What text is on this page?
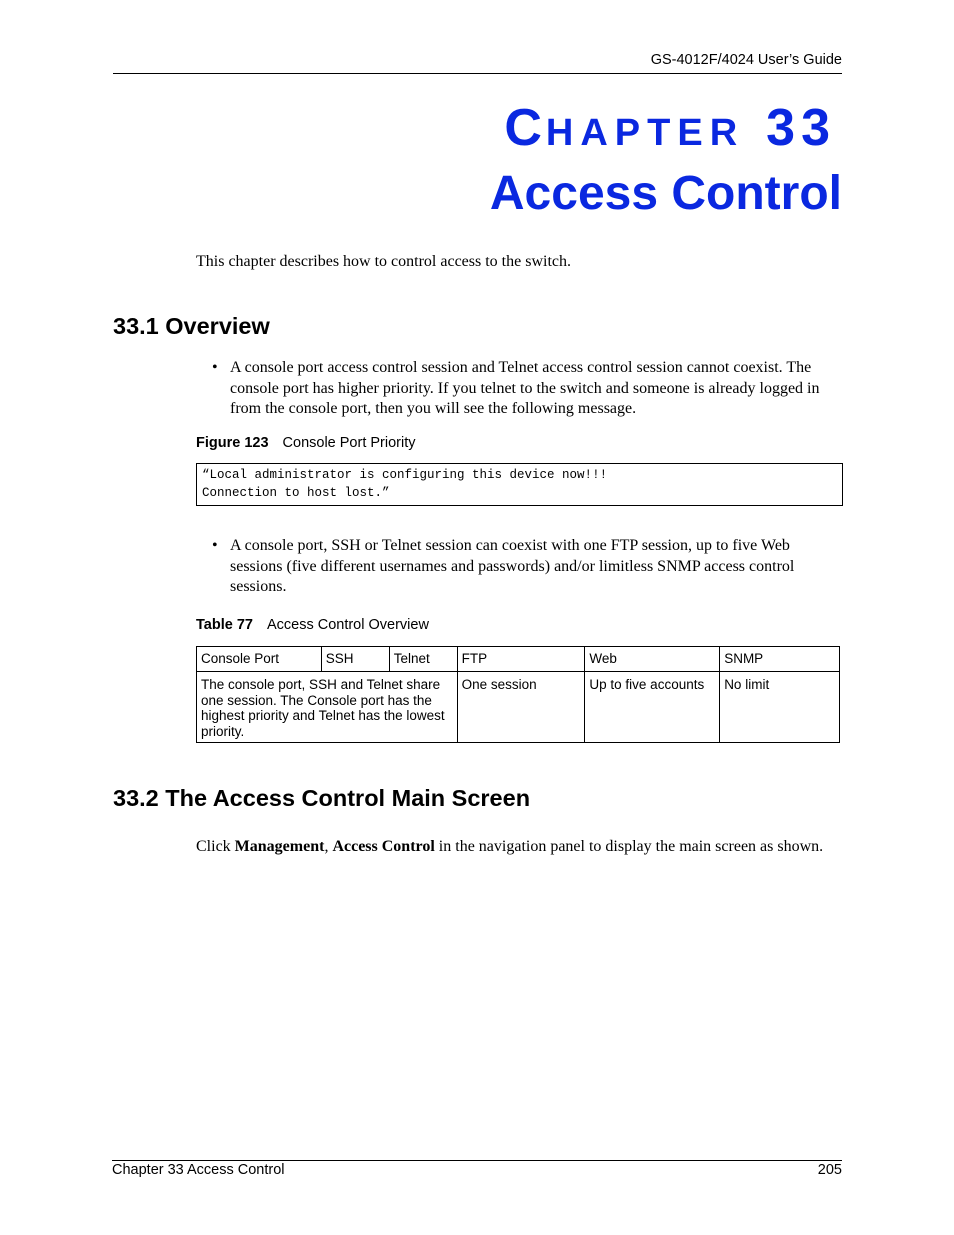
GS-4012F/4024 User’s Guide
CHAPTER 33
Access Control
This chapter describes how to control access to the switch.
33.1 Overview
• A console port access control session and Telnet access control session cannot coexist. The console port has higher priority. If you telnet to the switch and someone is already logged in from the console port, then you will see the following message.
Figure 123 Console Port Priority
“Local administrator is configuring this device now!!!
Connection to host lost.”
• A console port, SSH or Telnet session can coexist with one FTP session, up to five Web sessions (five different usernames and passwords) and/or limitless SNMP access control sessions.
Table 77 Access Control Overview
Console Port	SSH	Telnet	FTP	Web	SNMP
The console port, SSH and Telnet share one session. The Console port has the highest priority and Telnet has the lowest priority.			One session	Up to five accounts	No limit
33.2 The Access Control Main Screen
Click Management, Access Control in the navigation panel to display the main screen as shown.
Chapter 33 Access Control	205
